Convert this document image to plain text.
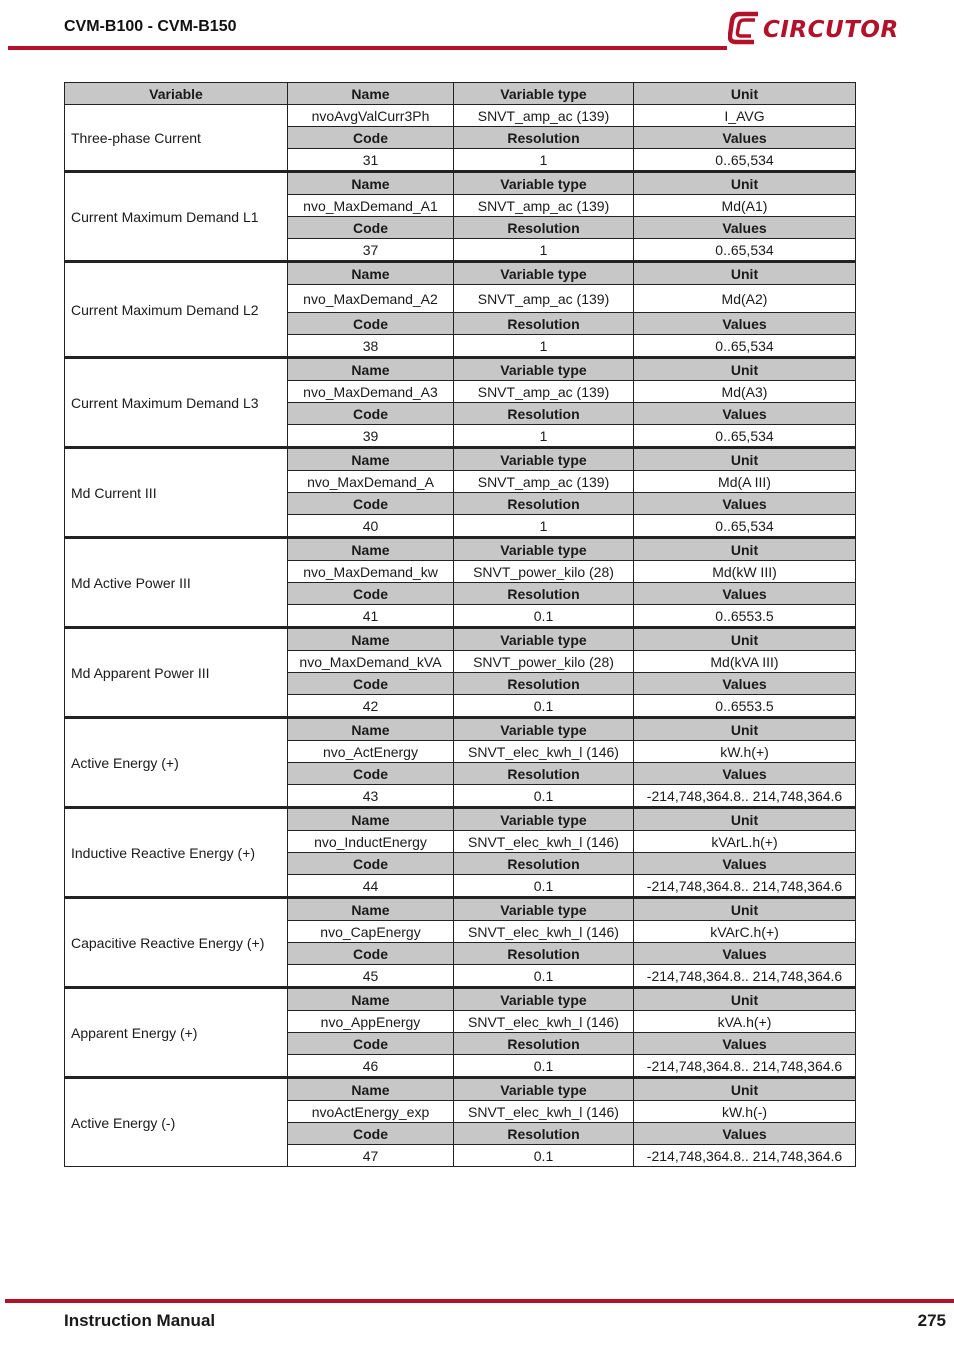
CVM-B100 - CVM-B150	CIRCUTOR
Variable	Name	Variable type	Unit
Three-phase Current	nvoAvgValCurr3Ph	SNVT_amp_ac (139)	I_AVG
	Code	Resolution	Values
	31	1	0..65,534
Current Maximum Demand L1	Name	Variable type	Unit
	nvo_MaxDemand_A1	SNVT_amp_ac (139)	Md(A1)
	Code	Resolution	Values
	37	1	0..65,534
Current Maximum Demand L2	Name	Variable type	Unit
	nvo_MaxDemand_A2	SNVT_amp_ac (139)	Md(A2)
	Code	Resolution	Values
	38	1	0..65,534
Current Maximum Demand L3	Name	Variable type	Unit
	nvo_MaxDemand_A3	SNVT_amp_ac (139)	Md(A3)
	Code	Resolution	Values
	39	1	0..65,534
Md Current III	Name	Variable type	Unit
	nvo_MaxDemand_A	SNVT_amp_ac (139)	Md(A III)
	Code	Resolution	Values
	40	1	0..65,534
Md Active Power III	Name	Variable type	Unit
	nvo_MaxDemand_kw	SNVT_power_kilo (28)	Md(kW III)
	Code	Resolution	Values
	41	0.1	0..6553.5
Md Apparent Power III	Name	Variable type	Unit
	nvo_MaxDemand_kVA	SNVT_power_kilo (28)	Md(kVA III)
	Code	Resolution	Values
	42	0.1	0..6553.5
Active Energy (+)	Name	Variable type	Unit
	nvo_ActEnergy	SNVT_elec_kwh_l (146)	kW.h(+)
	Code	Resolution	Values
	43	0.1	-214,748,364.8.. 214,748,364.6
Inductive Reactive Energy (+)	Name	Variable type	Unit
	nvo_InductEnergy	SNVT_elec_kwh_l (146)	kVArL.h(+)
	Code	Resolution	Values
	44	0.1	-214,748,364.8.. 214,748,364.6
Capacitive Reactive Energy (+)	Name	Variable type	Unit
	nvo_CapEnergy	SNVT_elec_kwh_l (146)	kVArC.h(+)
	Code	Resolution	Values
	45	0.1	-214,748,364.8.. 214,748,364.6
Apparent Energy (+)	Name	Variable type	Unit
	nvo_AppEnergy	SNVT_elec_kwh_l (146)	kVA.h(+)
	Code	Resolution	Values
	46	0.1	-214,748,364.8.. 214,748,364.6
Active Energy (-)	Name	Variable type	Unit
	nvoActEnergy_exp	SNVT_elec_kwh_l (146)	kW.h(-)
	Code	Resolution	Values
	47	0.1	-214,748,364.8.. 214,748,364.6
Instruction Manual	275
